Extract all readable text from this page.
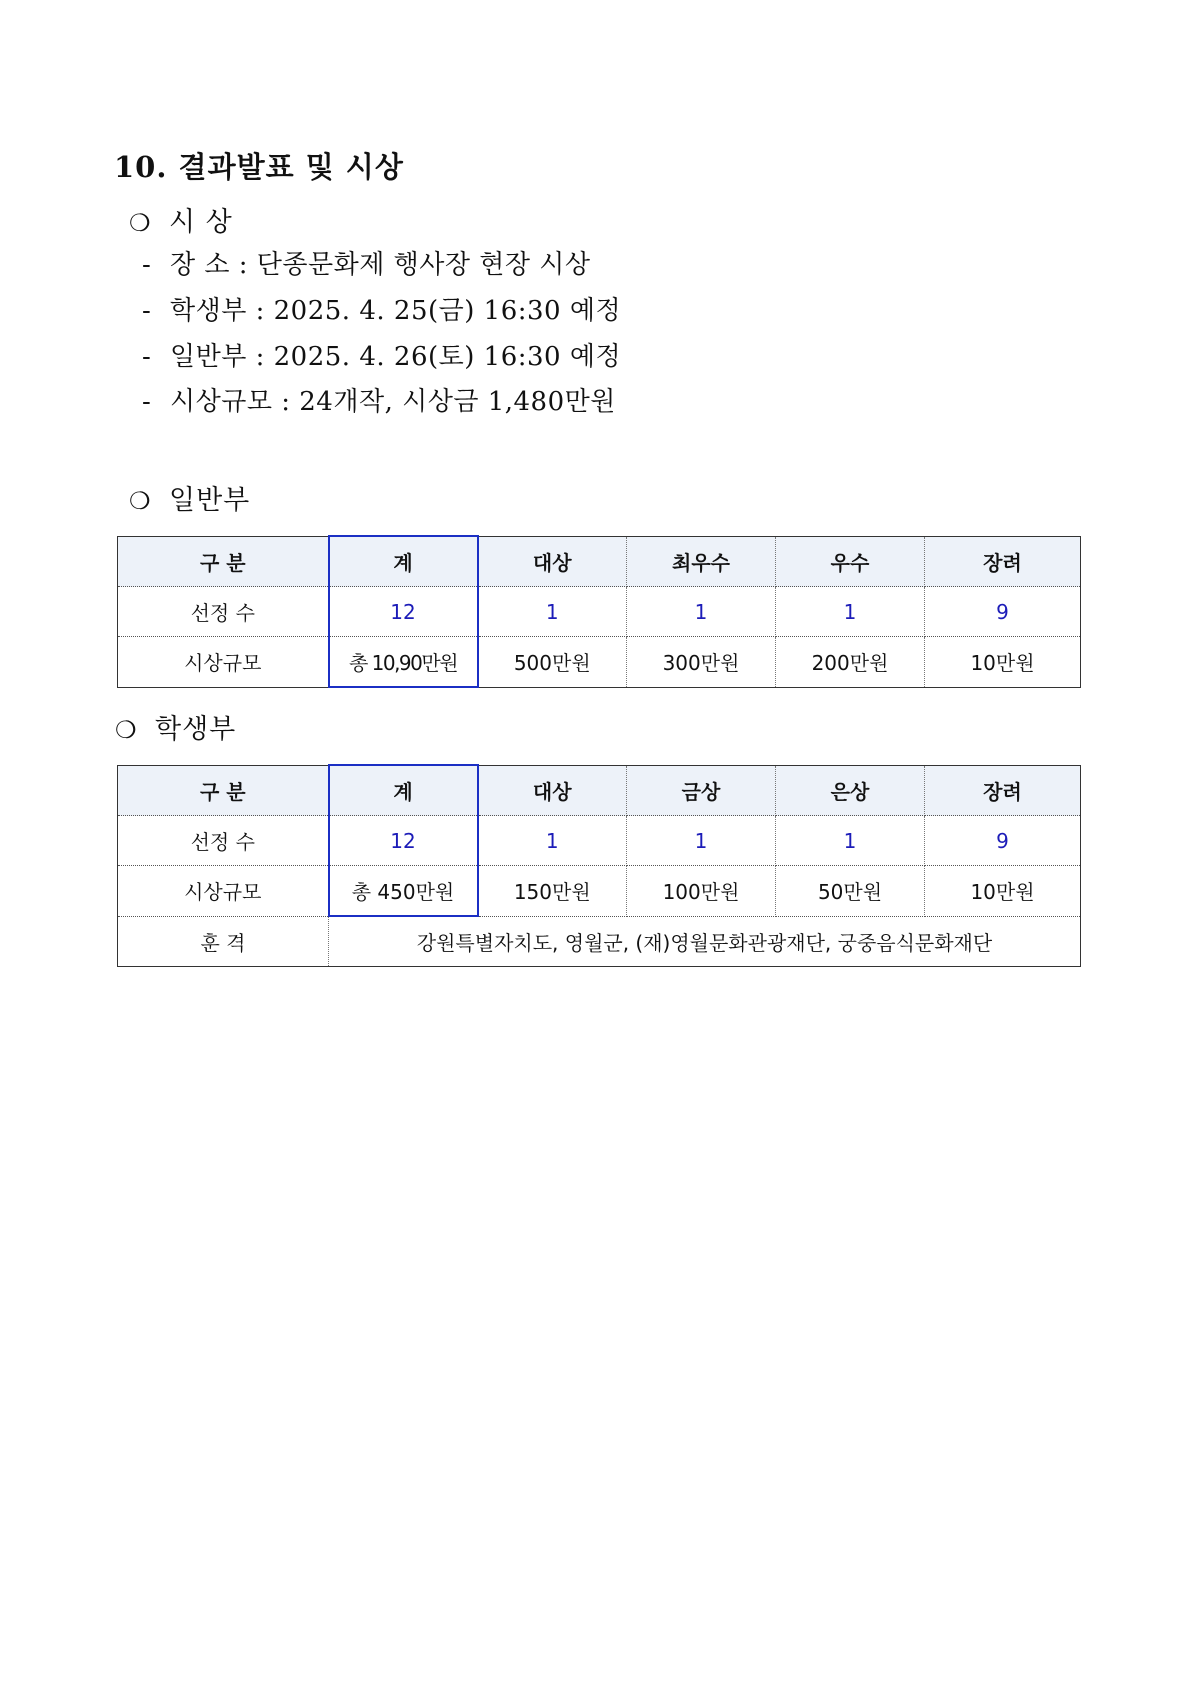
10. 결과발표 및 시상
❍ 시 상
- 장 소 : 단종문화제 행사장 현장 시상
- 학생부 : 2025. 4. 25(금) 16:30 예정
- 일반부 : 2025. 4. 26(토) 16:30 예정
- 시상규모 : 24개작, 시상금 1,480만원
❍ 일반부
구 분	계	대상	최우수	우수	장려
선정 수	12	1	1	1	9
시상규모	총 10,90만원	500만원	300만원	200만원	10만원
❍ 학생부
구 분	계	대상	금상	은상	장려
선정 수	12	1	1	1	9
시상규모	총 450만원	150만원	100만원	50만원	10만원
훈 격	강원특별자치도, 영월군, (재)영월문화관광재단, 궁중음식문화재단				
